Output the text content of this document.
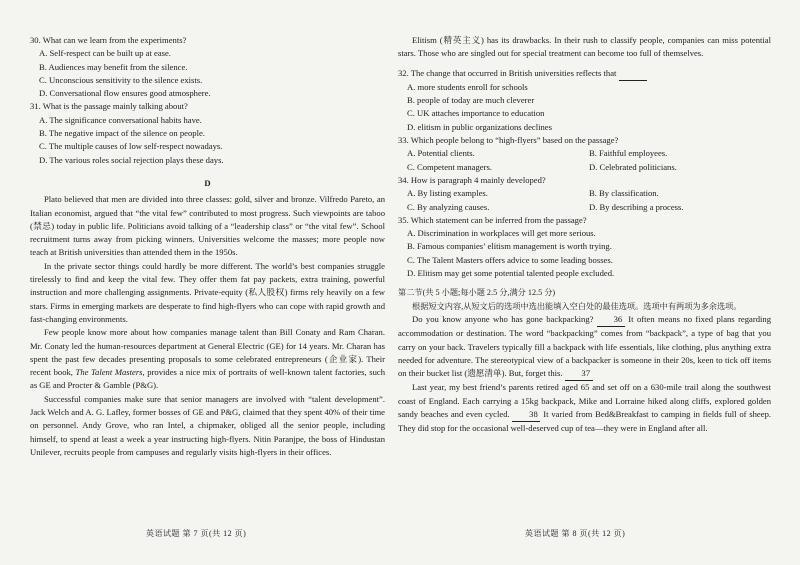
30. What can we learn from the experiments?
A. Self-respect can be built up at ease.
B. Audiences may benefit from the silence.
C. Unconscious sensitivity to the silence exists.
D. Conversational flow ensures good atmosphere.
31. What is the passage mainly talking about?
A. The significance conversational habits have.
B. The negative impact of the silence on people.
C. The multiple causes of low self-respect nowadays.
D. The various roles social rejection plays these days.
D

Plato believed that men are divided into three classes: gold, silver and bronze. Vilfredo Pareto, an Italian economist, argued that “the vital few” contributed to most progress. Such viewpoints are taboo (禁忌) today in public life. Politicians avoid talking of a “leadership class” or “the vital few”. School recruitment turns away from picking winners. Universities welcome the masses; more people now teach at British universities than attended them in the 1950s.

In the private sector things could hardly be more different. The world’s best companies struggle tirelessly to find and keep the vital few. They offer them fat pay packets, extra training, powerful instruction and more challenging assignments. Private-equity (私人股权) firms rely heavily on a few stars. Firms in emerging markets are desperate to find high-flyers who can cope with rapid growth and fast-changing environments.

Few people know more about how companies manage talent than Bill Conaty and Ram Charan. Mr. Conaty led the human-resources department at General Electric (GE) for 14 years. Mr. Charan has spent the past few decades presenting proposals to some celebrated entrepreneurs (企业家). Their recent book, The Talent Masters, provides a nice mix of portraits of well-known talent factories, such as GE and Procter & Gamble (P&G).

Successful companies make sure that senior managers are involved with “talent development”. Jack Welch and A. G. Lafley, former bosses of GE and P&G, claimed that they spent 40% of their time on personnel. Andy Grove, who ran Intel, a chipmaker, obliged all the senior people, including himself, to spend at least a week a year instructing high-flyers. Nitin Paranjpe, the boss of Hindustan Unilever, recruits people from campuses and regularly visits high-flyers in their offices.

Elitism (精英主义) has its drawbacks. In their rush to classify people, companies can miss potential stars. Those who are singled out for special treatment can become too full of themselves.

32. The change that occurred in British universities reflects that
A. more students enroll for schools
B. people of today are much cleverer
C. UK attaches importance to education
D. elitism in public organizations declines
33. Which people belong to “high-flyers” based on the passage?
A. Potential clients.	B. Faithful employees.
C. Competent managers.	D. Celebrated politicians.
34. How is paragraph 4 mainly developed?
A. By listing examples.	B. By classification.
C. By analyzing causes.	D. By describing a process.
35. Which statement can be inferred from the passage?
A. Discrimination in workplaces will get more serious.
B. Famous companies’ elitism management is worth trying.
C. The Talent Masters offers advice to some leading bosses.
D. Elitism may get some potential talented people excluded.
第二节(共 5 小题;每小题 2.5 分,满分 12.5 分)
根据短文内容,从短文后的选项中选出能填入空白处的最佳选项。选项中有两项为多余选项。

Do you know anyone who has gone backpacking? 36 It often means no fixed plans regarding accommodation or destination. The word “backpacking” comes from “backpack”, a type of bag that you carry on your back. Travelers typically fill a backpack with life essentials, like clothing, plus anything extra needed for adventure. The stereotypical view of a backpacker is someone in their 20s, keen to tick off items on their bucket list (遗愿清单). But, forget this. 37

Last year, my best friend’s parents retired aged 65 and set off on a 630-mile trail along the southwest coast of England. Each carrying a 15kg backpack, Mike and Lorraine hiked along cliffs, explored golden sandy beaches and even cycled. 38 It varied from Bed&Breakfast to camping in fields full of sheep. They did stop for the occasional well-deserved cup of tea—they were in England after all.

英语试题 第 7 页(共 12 页)	英语试题 第 8 页(共 12 页)
